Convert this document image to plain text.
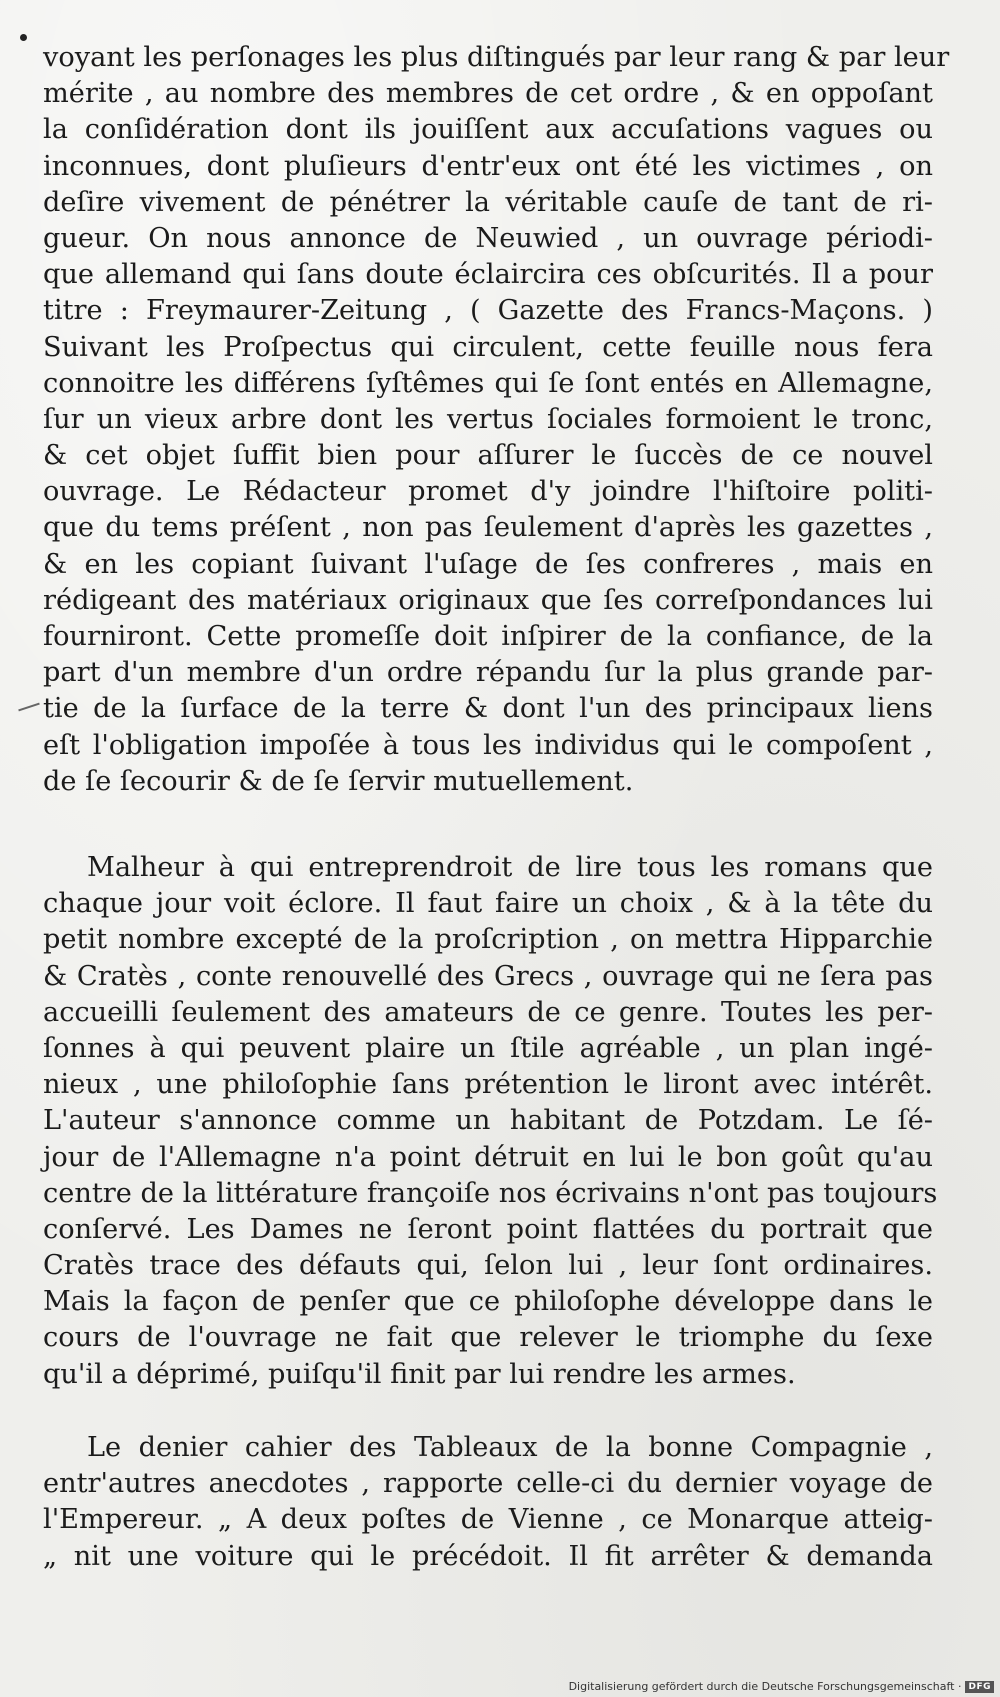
voyant les perſonages les plus diſtingués par leur rang & par leur
mérite , au nombre des membres de cet ordre , & en oppoſant
la conſidération dont ils jouiſſent aux accuſations vagues ou
inconnues, dont pluſieurs d'entr'eux ont été les victimes , on
deſire vivement de pénétrer la véritable cauſe de tant de ri-
gueur. On nous annonce de Neuwied , un ouvrage périodi-
que allemand qui ſans doute éclaircira ces obſcurités. Il a pour
titre : Freymaurer-Zeitung , ( Gazette des Francs-Maçons. )
Suivant les Proſpectus qui circulent, cette feuille nous fera
connoitre les différens ſyſtêmes qui ſe ſont entés en Allemagne,
ſur un vieux arbre dont les vertus ſociales formoient le tronc,
& cet objet ſuffit bien pour aſſurer le ſuccès de ce nouvel
ouvrage. Le Rédacteur promet d'y joindre l'hiſtoire politi-
que du tems préſent , non pas ſeulement d'après les gazettes ,
& en les copiant ſuivant l'uſage de ſes confreres , mais en
rédigeant des matériaux originaux que ſes correſpondances lui
fourniront. Cette promeſſe doit inſpirer de la confiance, de la
part d'un membre d'un ordre répandu ſur la plus grande par-
tie de la ſurface de la terre & dont l'un des principaux liens
eſt l'obligation impoſée à tous les individus qui le compoſent ,
de ſe ſecourir & de ſe ſervir mutuellement.
Malheur à qui entreprendroit de lire tous les romans que
chaque jour voit éclore. Il faut faire un choix , & à la tête du
petit nombre excepté de la proſcription , on mettra Hipparchie
& Cratès , conte renouvellé des Grecs , ouvrage qui ne ſera pas
accueilli ſeulement des amateurs de ce genre. Toutes les per-
ſonnes à qui peuvent plaire un ſtile agréable , un plan ingé-
nieux , une philoſophie ſans prétention le liront avec intérêt.
L'auteur s'annonce comme un habitant de Potzdam. Le ſé-
jour de l'Allemagne n'a point détruit en lui le bon goût qu'au
centre de la littérature françoiſe nos écrivains n'ont pas toujours
conſervé. Les Dames ne ſeront point flattées du portrait que
Cratès trace des défauts qui, ſelon lui , leur ſont ordinaires.
Mais la façon de penſer que ce philoſophe développe dans le
cours de l'ouvrage ne fait que relever le triomphe du ſexe
qu'il a déprimé, puiſqu'il finit par lui rendre les armes.
Le denier cahier des Tableaux de la bonne Compagnie ,
entr'autres anecdotes , rapporte celle-ci du dernier voyage de
l'Empereur. „ A deux poſtes de Vienne , ce Monarque atteig-
„ nit une voiture qui le précédoit. Il fit arrêter & demanda
Digitalisierung gefördert durch die Deutsche Forschungsgemeinschaft · DFG
